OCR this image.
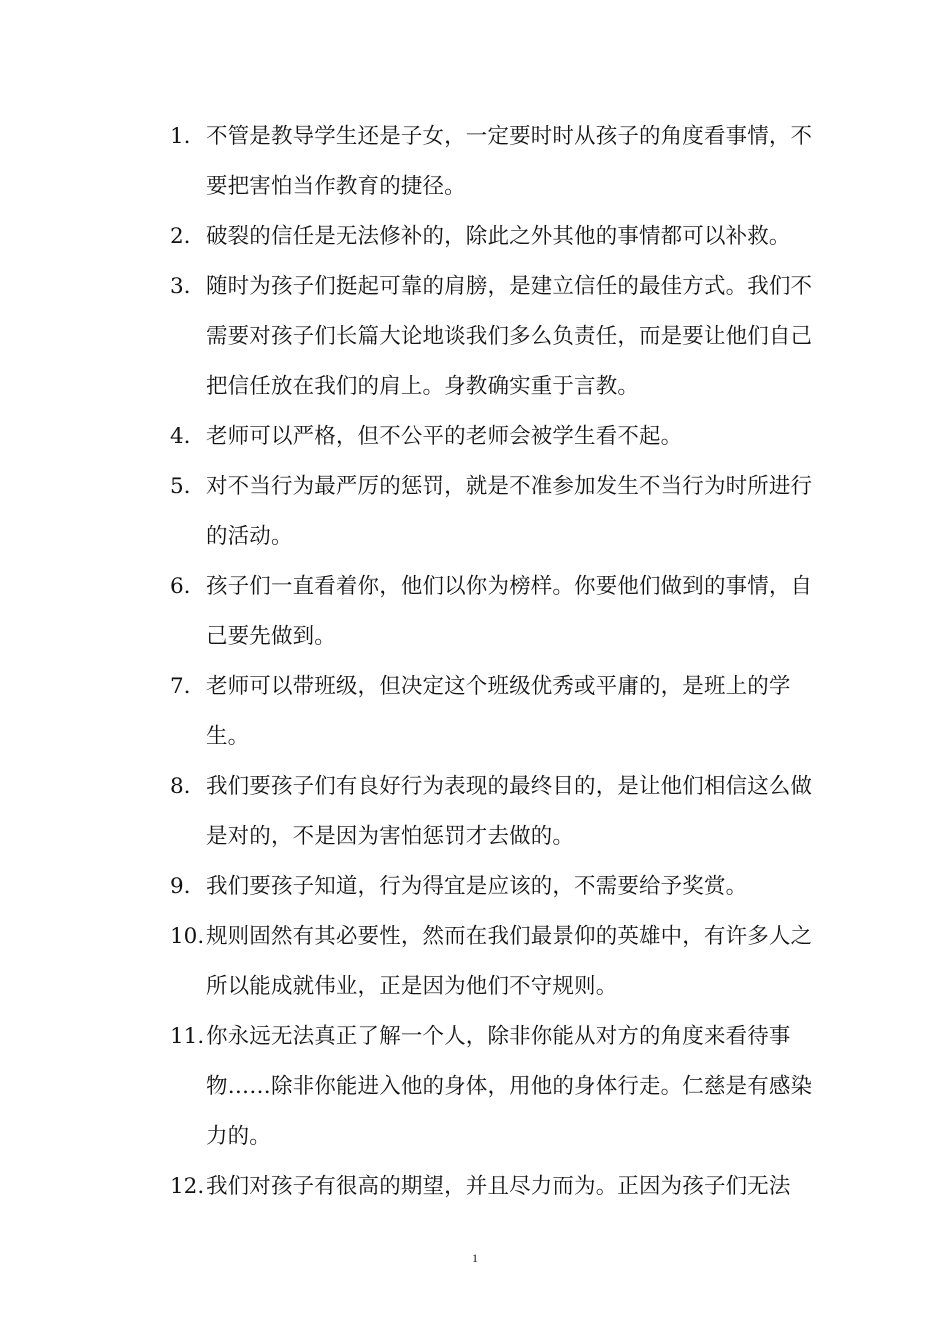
1. 不管是教导学生还是子女，一定要时时从孩子的角度看事情，不要把害怕当作教育的捷径。
2. 破裂的信任是无法修补的，除此之外其他的事情都可以补救。
3. 随时为孩子们挺起可靠的肩膀，是建立信任的最佳方式。我们不需要对孩子们长篇大论地谈我们多么负责任，而是要让他们自己把信任放在我们的肩上。身教确实重于言教。
4. 老师可以严格，但不公平的老师会被学生看不起。
5. 对不当行为最严厉的惩罚，就是不准参加发生不当行为时所进行的活动。
6. 孩子们一直看着你，他们以你为榜样。你要他们做到的事情，自己要先做到。
7. 老师可以带班级，但决定这个班级优秀或平庸的，是班上的学生。
8. 我们要孩子们有良好行为表现的最终目的，是让他们相信这么做是对的，不是因为害怕惩罚才去做的。
9. 我们要孩子知道，行为得宜是应该的，不需要给予奖赏。
10. 规则固然有其必要性，然而在我们最景仰的英雄中，有许多人之所以能成就伟业，正是因为他们不守规则。
11. 你永远无法真正了解一个人，除非你能从对方的角度来看待事物……除非你能进入他的身体，用他的身体行走。仁慈是有感染力的。
12. 我们对孩子有很高的期望，并且尽力而为。正因为孩子们无法
1
